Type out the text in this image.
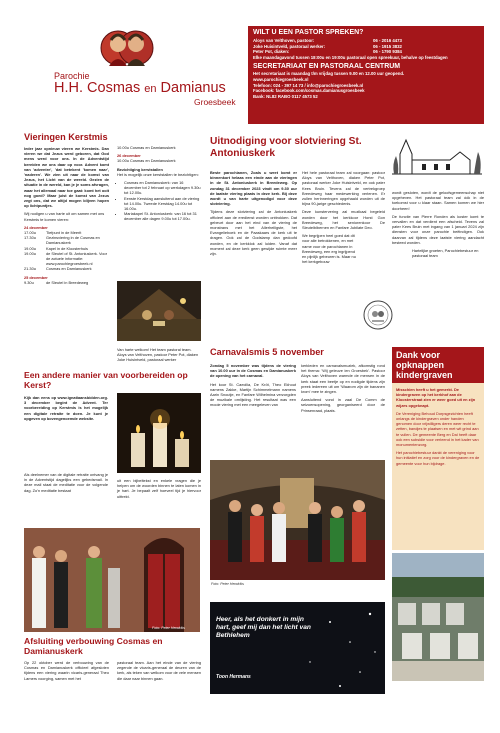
Parochie
H.H. Cosmas en Damianus
Groesbeek
WILT U EEN PASTOR SPREKEN?
Aloys van Velthoven, pastoor:	06 - 2016 4473
Joke Huisintveld, pastoraal werker:	06 - 1915 3832
Peter Pot, diaken:	06 - 1790 9384
Elke maandagavond tussen 18:00u en 19:00u pastoraal open spreekuur, behalve op feestdagen
SECRETARIAAT EN PASTORAAL CENTRUM
Het secretariaat is maandag t/m vrijdag tussen 9.00 en 12.00 uur geopend.
www.parochiegroesbeek.nl
Telefoon: 024 - 397 14 73 / info@parochiegroesbeek.nl
Facebook: facebook.com/cosmas.damianusgroesbeek
Bank: NL82 RABO 0117 4573 52
Vieringen Kerstmis

Ieder jaar opnieuw vieren we Kerstmis. Dan vieren we dat Jezus werd geboren, dat God mens werd voor ons. In de Adventstijd bereiden we ons daar op voor. Advent komt van 'adventre', 'dat betekent 'komen naar', 'naderen'. We zien uit naar de komst van Jezus, het Licht van de wereld. Gezien de situatie in de wereld, kan je je soms afvragen, waar het allemaal naar toe gaat: komt het ooit nog goed? Maar juist de komst van Jezus zegt ons, dat we altijd mogen blijven hopen op lichtpuntjes.

Wij nodigen u van harte uit om samen met ons Kerstmis te komen vieren:

24 december
17.00u	Tiefpunt in de Meerit
17.30u	Gezinsviering in de Cosmas en Damianuskerk
19.00u	Kapel in de Kloosterhuis
19.00u	de Sleutel of St. Antoniuskerk. Voor de actuele informatie: www.parochiegroesbeek.nl
21.30u	Cosmas en Damianuskerk
25 december
9.30u	de Sleutel in Breedeweg

10.00u Cosmas en Damianuskerk

26 december

10.00u Cosmas en Damianuskerk

Bezichtiging kerststallen

Het is mogelijk onze kerststallen te bezichtigen:

• Cosmas en Damianuskerk: van 16 december tot 2 februari op werkdagen 9.30u tot 12.00u.
• Eenste Kerstdag aansluitend aan de viering tot 14.00u. Tweede Kerstdag 14.00u tot 16.00u.
• Mariakapel St. Antoniuskerk: van 16 tot 31 december alle dagen 9.00u tot 17.00u.
Van harte welkom! Het team pastoral team. Aloys van Velthoven, pastoor Peter Pot, diaken Joke Huisintveld, pastoraal werker
Uitnodiging voor slotviering St. Antoniuskerk

Beste parochianen, Zoals u weet komt er binnenkort helaas een einde aan de vieringen in de St. Antoniuskerk in Breedeweg. Op zondag 31 december 2023 vindt om 9.30 uur de laatste viering plaats in deze kerk. Bij deze wordt u van harte uitgenodigd voor deze slotviering.

Tijdens deze slotviering zal de Antoniuskerk officieel aan de eredienst worden onttrokken. Dat gebeurt door aan het eind van de viering de monstrans met het Allerheiligste, het Evangelieboek en de Paaskaars de kerk uit te dragen. Ook zal de Godslamp dan gedoofd worden, en de kerkklok zal luiden. Vanaf dat moment zal deze kerk geen gewijde ruimte meer zijn.

Het hele pastoraal team zal voorgaan: pastoor Aloys van Velthoven, diaken Peter Pot, pastoraal werker Joke Huisintveld, en ook pater Kees Bruin. Tevens zal de vertrekgroep Breedeweg haar medewerking verlenen. Er zullen herinneringen opgehaald worden uit de bijna 90-jarige geschiedenis.

Deze kunstervering zal muzikaal begeleid worden door het kerkkoor Horst Gon Breedeweg, het seniorenkoor De Sleutelblbernen en Fanfare Jubilate Deo.

We begrijpen heel goed dat dit voor alle betrokkenen, en met name voor de parochianen in Breedeweg, een erg ingrijpend en pijnlijk gebeuren is. Maar nu het kerkgebouw

wordt gesloten, wordt de geloofsgemeenschap niet opgeheven. Het pastoraal team zal óók in de toekomst voor u klaar staan. Samen komen we hier doorheen!

De functie van Pierre Ronden als koster komt te vervallen en dat verdient een afscheid. Tevens zal pater Kees Bruin met ingang van 1 januari 2024 zijn diensten voor onze parochie beëindigen. Ook daarvan zal tijdens deze laatste viering aandacht besteed worden.

Hartelijke groeten, Parochiebestuur en pastoraal team

Een andere manier van voorbereiden op Kerst?

Kijk dan eens op www.ignatiaansbidden.org. 3 december begint de Advent. Ter voorbereiding op Kerstmis is het mogelijk een digitale retraite te doen. Je kunt je opgeven op bovengenoemde website.

Als deelnemer van de digitale retraite ontvang je in de Adventstijd dagelijks een gebedsmail. In deze mail staat de meditatie voor de volgende dag. Zo'n meditatie bestaat

uit een bijbeltekst en enkele vragen die je helpen om de woorden binnen te laten komen in je hart. Je bepaalt zelf hoeveel tijd je hiervoor uittrekt.

Carnavalsmis 5 november

Zondag 5 november was tijdens de viering van 10.00 uur in de Cosmas en Damianuskerk de opening van het carnaval.

Het koor St. Caecilia, De Kröt, Theo Ekhout namens Zakke, Martijn Schimmelmann namens Aarin Snoutje, en Fanfare Wilhelmina verzorgden de muzikale omlijsting. Het resultaat was een mooie viering met een meegeleven van

kerkleden en carnavalsmuziek, afkomstig rond het thema: 'Wij geleuve ien Groesbek'. Pastoor Aloys van Velthoven warmde de mensen in de kerk staat een beetje op en nodigde tijdens zijn preek iedereen uit om 'Waarom zijn de bananen krom' mee te zingen.

Aansluitend vond in zaal De Comm de seizoensopening, georganiseerd door de Prinsenraad, plaats.

Foto: Peter Hendriks
Dank voor opknappen kindergraven

Misschien heeft u het gemerkt. De kindergraven op het kerkhof aan de Kloosterstraat zien er weer goed uit en zijn wijzes opgeknapt.

De Vereniging Behoud Dorpsgezichten heeft onlangs de kindergraven onder handen genomen door vrijwilligers deren weer recht te zetten, bandjes te plaatsen en met wit grind aan te vullen. De gemeente Berg en Dal heeft daar ook een subsidie voor verleend in het kader van monumentenzorg.

Het parochiebestuur dankt de vereniging voor hun initiatief en zorg voor de kindergraven en de gemeente voor hun bijdrage.

Foto: Peter Hendriks
Afsluiting verbouwing Cosmas en Damianuskerk

Op 22 oktober werd de verbouwing van de Cosmas en Damianuskerk officieel afgesloten tijdens een viering waarin vicaris-generaal Theo Lamers voorging, samen met het

pastoraal team. Aan het einde van de viering zegende de vicaris-generaal de deuren van de kerk, als teken van welkom voor de vele mensen die daar naar binnen gaan.

Heer, als het donkert in mijn hart, geef mij dan het licht van Bethlehem
Toon Hermans
